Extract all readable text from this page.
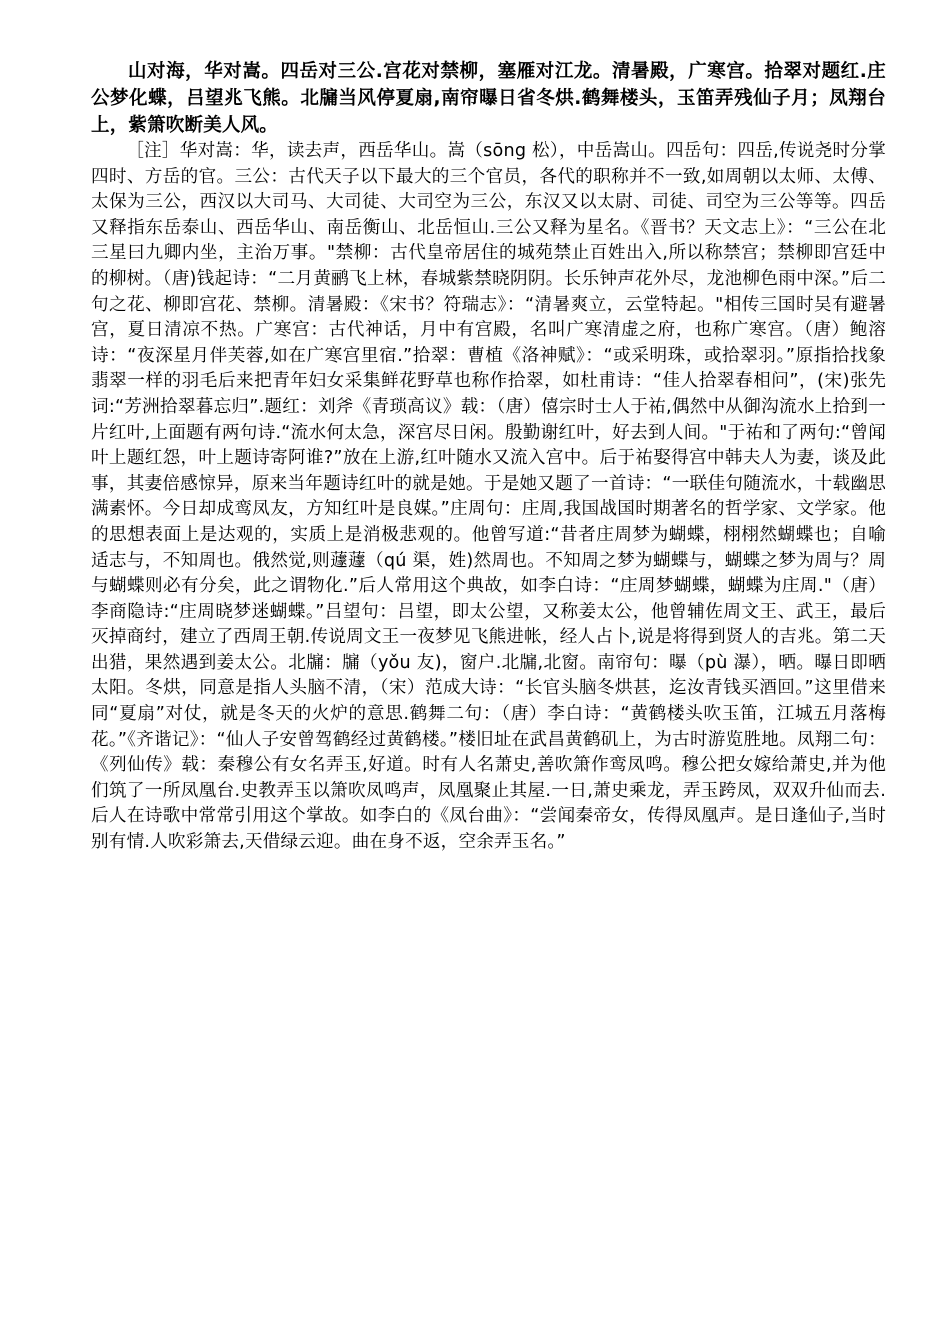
山对海，华对嵩。四岳对三公.宫花对禁柳，塞雁对江龙。清暑殿，广寒宫。拾翠对题红.庄公梦化蝶，吕望兆飞熊。北牖当风停夏扇,南帘曝日省冬烘.鹤舞楼头，玉笛弄残仙子月；凤翔台上，紫箫吹断美人风。

［注］华对嵩：华，读去声，西岳华山。嵩（sōng 松），中岳嵩山。四岳句：四岳,传说尧时分掌四时、方岳的官。三公：古代天子以下最大的三个官员，各代的职称并不一致,如周朝以太师、太傅、太保为三公，西汉以大司马、大司徒、大司空为三公，东汉又以太尉、司徒、司空为三公等等。四岳又释指东岳泰山、西岳华山、南岳衡山、北岳恒山.三公又释为星名。《晋书？天文志上》：“三公在北三星曰九卿内坐，主治万事。"禁柳：古代皇帝居住的城苑禁止百姓出入,所以称禁宫；禁柳即宫廷中的柳树。（唐)钱起诗：“二月黄鹂飞上林，春城紫禁晓阴阴。长乐钟声花外尽，龙池柳色雨中深。”后二句之花、柳即宫花、禁柳。清暑殿：《宋书？符瑞志》：“清暑爽立，云堂特起。"相传三国时吴有避暑宫，夏日清凉不热。广寒宫：古代神话，月中有宫殿，名叫广寒清虚之府，也称广寒宫。（唐）鲍溶诗：“夜深星月伴芙蓉,如在广寒宫里宿.”拾翠：曹植《洛神赋》：“或采明珠，或拾翠羽。”原指拾找象翡翠一样的羽毛后来把青年妇女采集鲜花野草也称作拾翠，如杜甫诗：“佳人拾翠春相问”，(宋)张先词:“芳洲拾翠暮忘归”.题红：刘斧《青琐高议》载：（唐）僖宗时士人于祐,偶然中从御沟流水上拾到一片红叶,上面题有两句诗.“流水何太急，深宫尽日闲。殷勤谢红叶，好去到人间。"于祐和了两句:“曾闻叶上题红怨，叶上题诗寄阿谁?”放在上游,红叶随水又流入宫中。后于祐娶得宫中韩夫人为妻，谈及此事，其妻倍感惊异，原来当年题诗红叶的就是她。于是她又题了一首诗：“一联佳句随流水，十载幽思满素怀。今日却成鸾凤友，方知红叶是良媒。”庄周句：庄周,我国战国时期著名的哲学家、文学家。他的思想表面上是达观的，实质上是消极悲观的。他曾写道:“昔者庄周梦为蝴蝶，栩栩然蝴蝶也；自喻适志与，不知周也。俄然觉,则蘧蘧（qú 渠，姓)然周也。不知周之梦为蝴蝶与，蝴蝶之梦为周与？周与蝴蝶则必有分矣，此之谓物化.”后人常用这个典故，如李白诗：“庄周梦蝴蝶，蝴蝶为庄周."（唐）李商隐诗:“庄周晓梦迷蝴蝶。”吕望句：吕望，即太公望，又称姜太公，他曾辅佐周文王、武王，最后灭掉商纣，建立了西周王朝.传说周文王一夜梦见飞熊进帐，经人占卜,说是将得到贤人的吉兆。第二天出猎，果然遇到姜太公。北牖：牖（yǒu 友)，窗户.北牖,北窗。南帘句：曝（pù 瀑），晒。曝日即晒太阳。冬烘，同意是指人头脑不清，（宋）范成大诗：“长官头脑冬烘甚，迄汝青钱买酒回。”这里借来同“夏扇”对仗，就是冬天的火炉的意思.鹤舞二句：（唐）李白诗：“黄鹤楼头吹玉笛，江城五月落梅花。”《齐谐记》：“仙人子安曾驾鹤经过黄鹤楼。”楼旧址在武昌黄鹤矶上，为古时游览胜地。凤翔二句：《列仙传》载：秦穆公有女名弄玉,好道。时有人名萧史,善吹箫作鸾凤鸣。穆公把女嫁给萧史,并为他们筑了一所凤凰台.史教弄玉以箫吹凤鸣声，凤凰聚止其屋.一日,萧史乘龙，弄玉跨凤，双双升仙而去.后人在诗歌中常常引用这个掌故。如李白的《凤台曲》：“尝闻秦帝女，传得凤凰声。是日逢仙子,当时别有情.人吹彩箫去,天借绿云迎。曲在身不返，空余弄玉名。”
